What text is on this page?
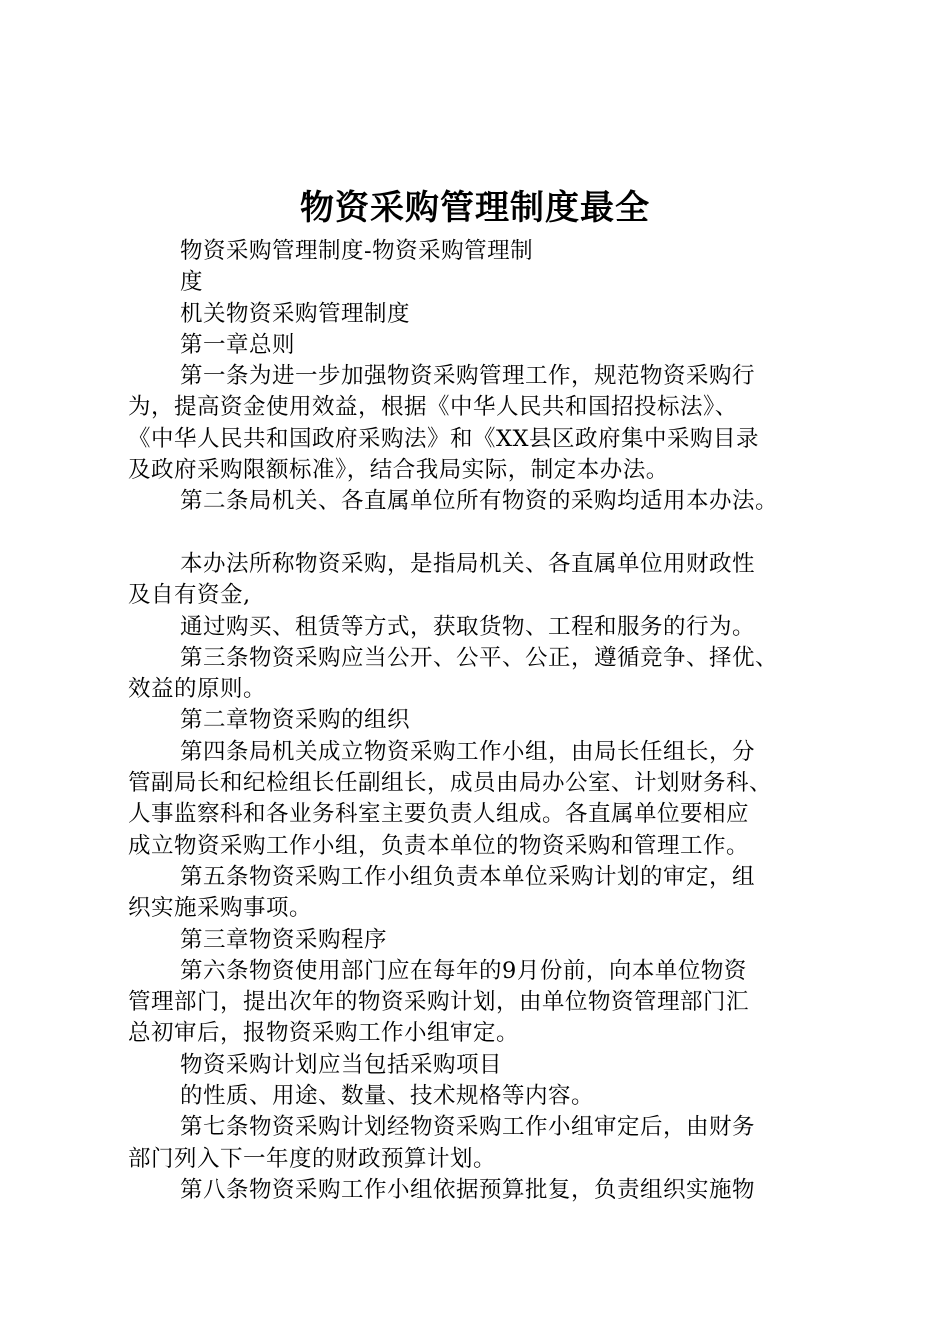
物资采购管理制度最全
物资采购管理制度-物资采购管理制
度
机关物资采购管理制度
第一章总则
第一条为进一步加强物资采购管理工作，规范物资采购行
为，提高资金使用效益，根据《中华人民共和国招投标法》、
《中华人民共和国政府采购法》和《XX县区政府集中采购目录
及政府采购限额标准》，结合我局实际，制定本办法。
第二条局机关、各直属单位所有物资的采购均适用本办法。
本办法所称物资采购，是指局机关、各直属单位用财政性
及自有资金,
通过购买、租赁等方式，获取货物、工程和服务的行为。
第三条物资采购应当公开、公平、公正，遵循竞争、择优、
效益的原则。
第二章物资采购的组织
第四条局机关成立物资采购工作小组，由局长任组长，分
管副局长和纪检组长任副组长，成员由局办公室、计划财务科、
人事监察科和各业务科室主要负责人组成。各直属单位要相应
成立物资采购工作小组，负责本单位的物资采购和管理工作。
第五条物资采购工作小组负责本单位采购计划的审定，组
织实施采购事项。
第三章物资采购程序
第六条物资使用部门应在每年的9月份前，向本单位物资
管理部门，提出次年的物资采购计划，由单位物资管理部门汇
总初审后，报物资采购工作小组审定。
物资采购计划应当包括采购项目
的性质、用途、数量、技术规格等内容。
第七条物资采购计划经物资采购工作小组审定后，由财务
部门列入下一年度的财政预算计划。
第八条物资采购工作小组依据预算批复，负责组织实施物
